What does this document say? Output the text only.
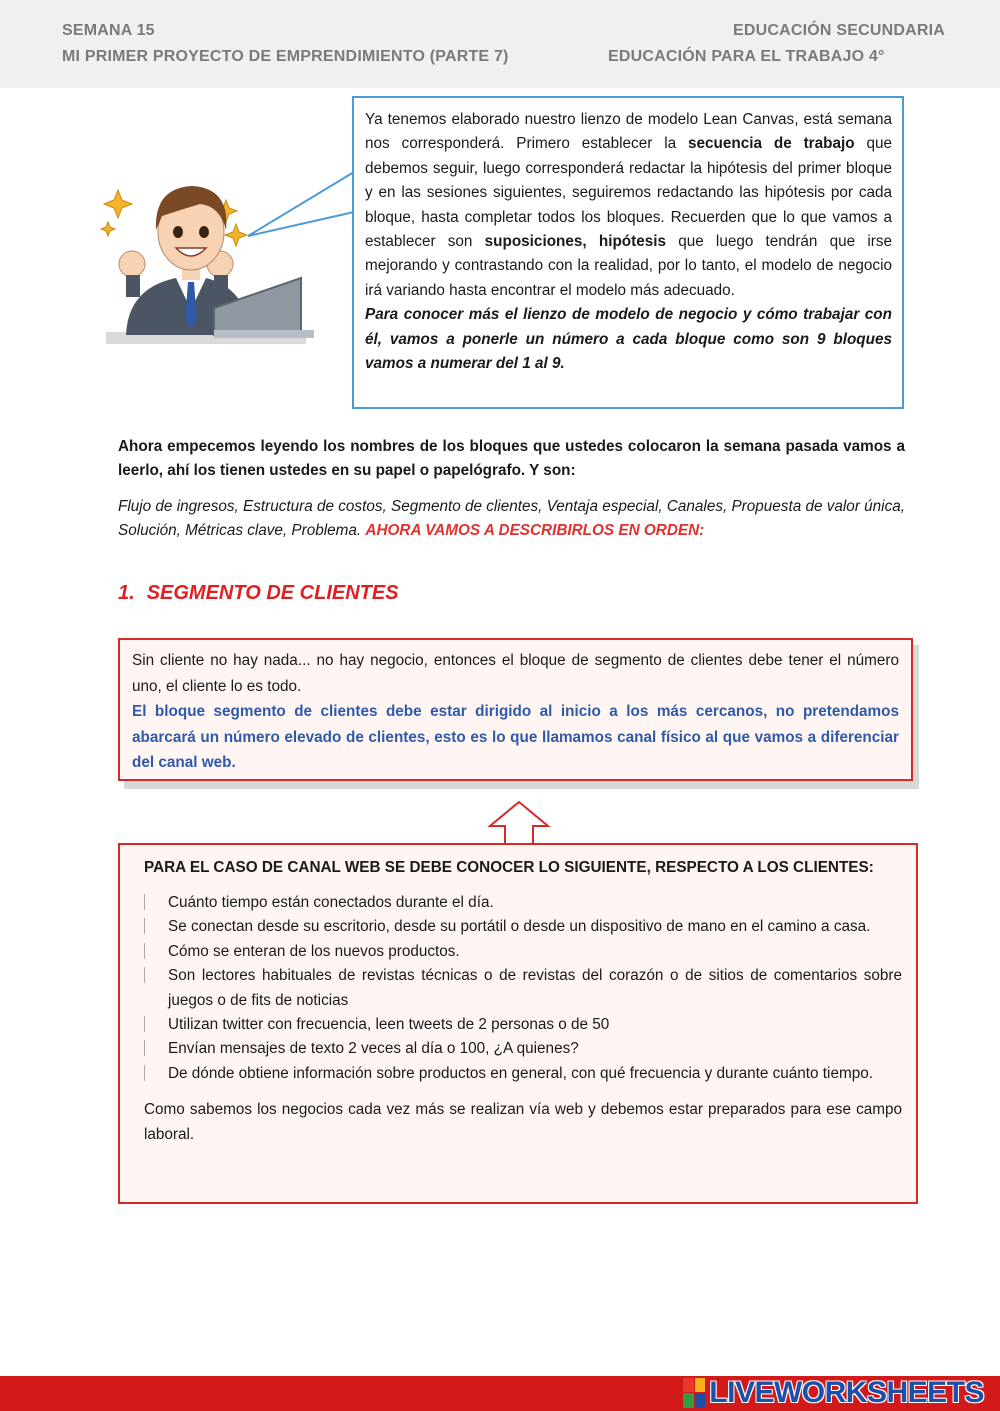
SEMANA 15
MI PRIMER PROYECTO DE EMPRENDIMIENTO (PARTE 7)
EDUCACIÓN SECUNDARIA
EDUCACIÓN PARA EL TRABAJO 4°

Ya tenemos elaborado nuestro lienzo de modelo Lean Canvas, está semana nos corresponderá. Primero establecer la secuencia de trabajo que debemos seguir, luego corresponderá redactar la hipótesis del primer bloque y en las sesiones siguientes, seguiremos redactando las hipótesis por cada bloque, hasta completar todos los bloques. Recuerden que lo que vamos a establecer son suposiciones, hipótesis que luego tendrán que irse mejorando y contrastando con la realidad, por lo tanto, el modelo de negocio irá variando hasta encontrar el modelo más adecuado.

Para conocer más el lienzo de modelo de negocio y cómo trabajar con él, vamos a ponerle un número a cada bloque como son 9 bloques vamos a numerar del 1 al 9.

Ahora empecemos leyendo los nombres de los bloques que ustedes colocaron la semana pasada vamos a leerlo, ahí los tienen ustedes en su papel o papelógrafo. Y son:

Flujo de ingresos, Estructura de costos, Segmento de clientes, Ventaja especial, Canales, Propuesta de valor única, Solución, Métricas clave, Problema. AHORA VAMOS A DESCRIBIRLOS EN ORDEN:

1. SEGMENTO DE CLIENTES

Sin cliente no hay nada... no hay negocio, entonces el bloque de segmento de clientes debe tener el número uno, el cliente lo es todo.

El bloque segmento de clientes debe estar dirigido al inicio a los más cercanos, no pretendamos abarcará un número elevado de clientes, esto es lo que llamamos canal físico al que vamos a diferenciar del canal web.

PARA EL CASO DE CANAL WEB SE DEBE CONOCER LO SIGUIENTE, RESPECTO A LOS CLIENTES:
Cuánto tiempo están conectados durante el día.
Se conectan desde su escritorio, desde su portátil o desde un dispositivo de mano en el camino a casa.
Cómo se enteran de los nuevos productos.
Son lectores habituales de revistas técnicas o de revistas del corazón o de sitios de comentarios sobre juegos o de fits de noticias
Utilizan twitter con frecuencia, leen tweets de 2 personas o de 50
Envían mensajes de texto 2 veces al día o 100, ¿A quienes?
De dónde obtiene información sobre productos en general, con qué frecuencia y durante cuánto tiempo.

Como sabemos los negocios cada vez más se realizan vía web y debemos estar preparados para ese campo laboral.

LIVEWORKSHEETS
